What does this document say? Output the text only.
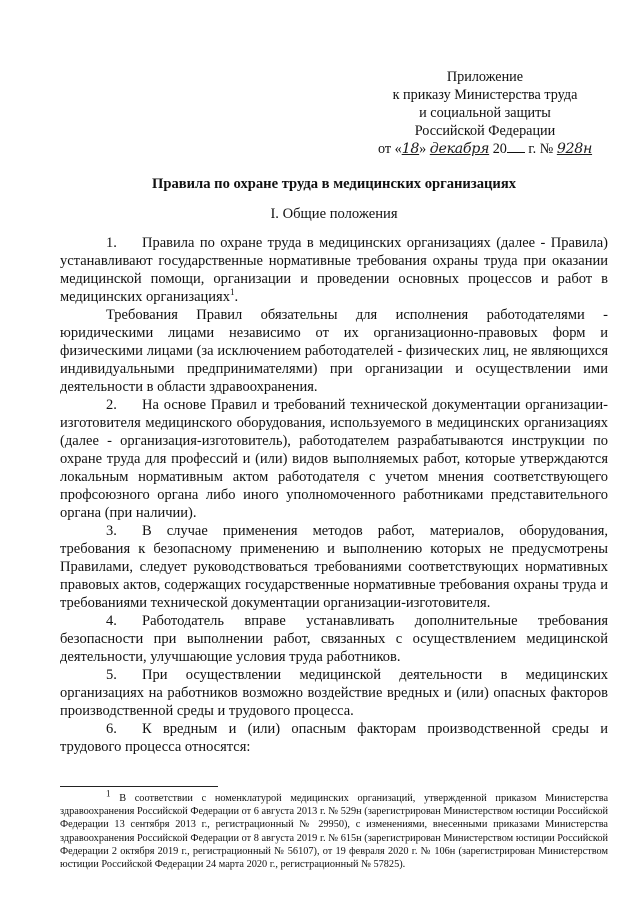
Приложение
к приказу Министерства труда
и социальной защиты
Российской Федерации
от «18» декабря 20 г. № 928н
Правила по охране труда в медицинских организациях
I. Общие положения

1. Правила по охране труда в медицинских организациях (далее - Правила) устанавливают государственные нормативные требования охраны труда при оказании медицинской помощи, организации и проведении основных процессов и работ в медицинских организациях$^1$.

Требования Правил обязательны для исполнения работодателями - юридическими лицами независимо от их организационно-правовых форм и физическими лицами (за исключением работодателей - физических лиц, не являющихся индивидуальными предпринимателями) при организации и осуществлении ими деятельности в области здравоохранения.

2. На основе Правил и требований технической документации организации-изготовителя медицинского оборудования, используемого в медицинских организациях (далее - организация-изготовитель), работодателем разрабатываются инструкции по охране труда для профессий и (или) видов выполняемых работ, которые утверждаются локальным нормативным актом работодателя с учетом мнения соответствующего профсоюзного органа либо иного уполномоченного работниками представительного органа (при наличии).

3. В случае применения методов работ, материалов, оборудования, требования к безопасному применению и выполнению которых не предусмотрены Правилами, следует руководствоваться требованиями соответствующих нормативных правовых актов, содержащих государственные нормативные требования охраны труда и требованиями технической документации организации-изготовителя.

4. Работодатель вправе устанавливать дополнительные требования безопасности при выполнении работ, связанных с осуществлением медицинской деятельности, улучшающие условия труда работников.

5. При осуществлении медицинской деятельности в медицинских организациях на работников возможно воздействие вредных и (или) опасных факторов производственной среды и трудового процесса.

6. К вредным и (или) опасным факторам производственной среды и трудового процесса относятся:

$^1$ В соответствии с номенклатурой медицинских организаций, утвержденной приказом Министерства здравоохранения Российской Федерации от 6 августа 2013 г. № 529н (зарегистрирован Министерством юстиции Российской Федерации 13 сентября 2013 г., регистрационный № 29950), с изменениями, внесенными приказами Министерства здравоохранения Российской Федерации от 8 августа 2019 г. № 615н (зарегистрирован Министерством юстиции Российской Федерации 2 октября 2019 г., регистрационный № 56107), от 19 февраля 2020 г. № 106н (зарегистрирован Министерством юстиции Российской Федерации 24 марта 2020 г., регистрационный № 57825).
